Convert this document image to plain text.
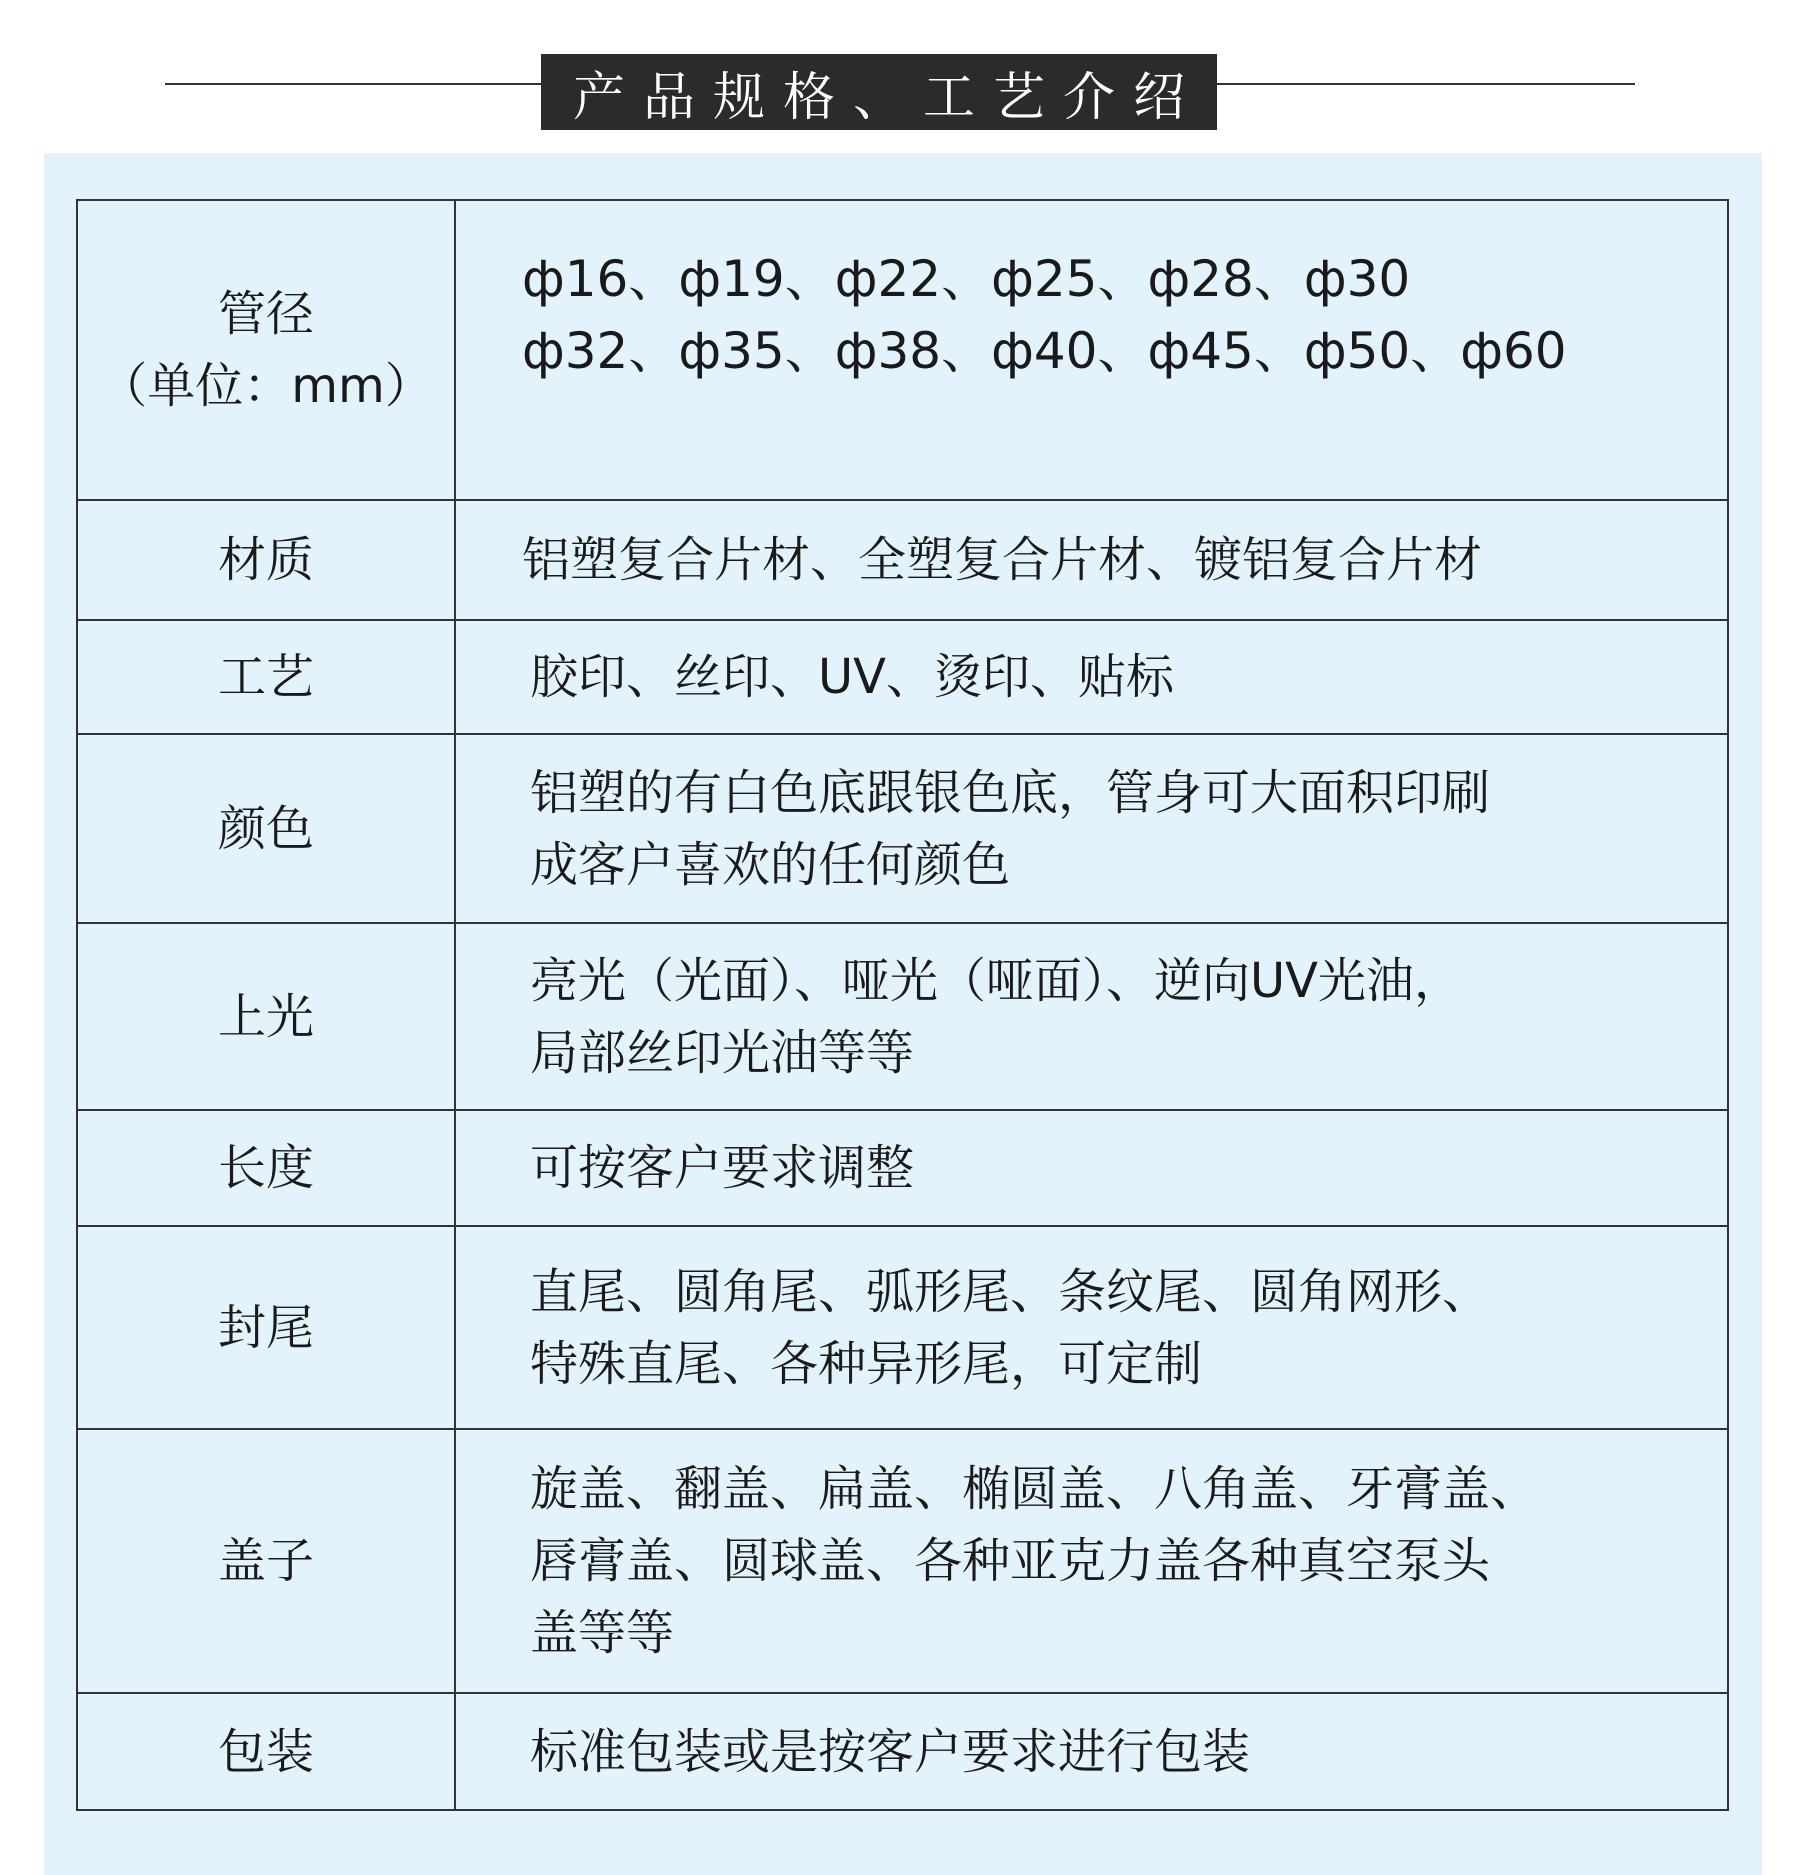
产品规格、工艺介绍
管径
（单位：mm）	ф16、ф19、ф22、ф25、ф28、ф30
ф32、ф35、ф38、ф40、ф45、ф50、ф60

材质	铝塑复合片材、全塑复合片材、镀铝复合片材

工艺	胶印、丝印、UV、烫印、贴标

颜色	铝塑的有白色底跟银色底，管身可大面积印刷
成客户喜欢的任何颜色

上光	亮光（光面）、哑光（哑面）、逆向UV光油，
局部丝印光油等等

长度	可按客户要求调整

封尾	直尾、圆角尾、弧形尾、条纹尾、圆角网形、
特殊直尾、各种异形尾，可定制

盖子	旋盖、翻盖、扁盖、椭圆盖、八角盖、牙膏盖、
唇膏盖、圆球盖、各种亚克力盖各种真空泵头
盖等等

包装	标准包装或是按客户要求进行包装
